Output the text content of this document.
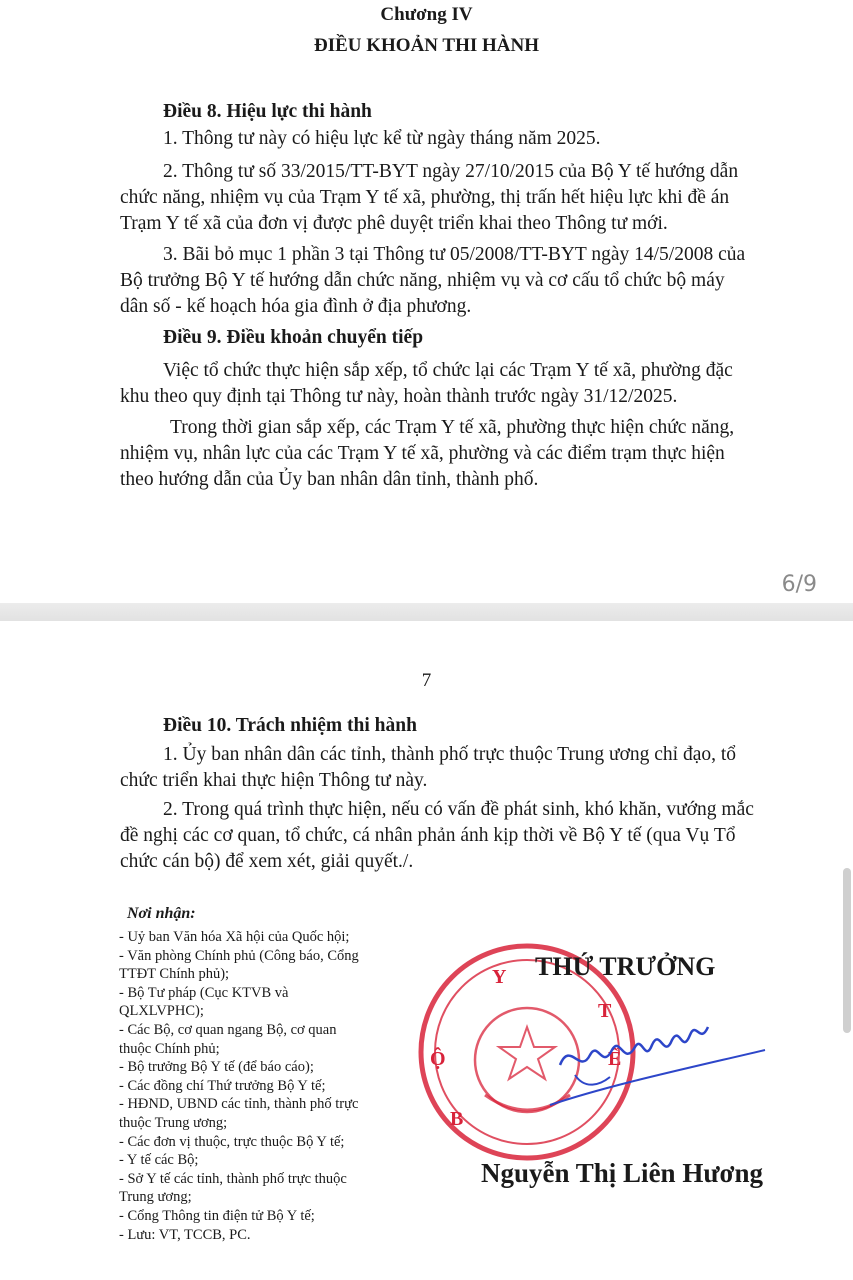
Chương IV
ĐIỀU KHOẢN THI HÀNH
Điều 8. Hiệu lực thi hành
1. Thông tư này có hiệu lực kể từ ngày tháng năm 2025.
2. Thông tư số 33/2015/TT-BYT ngày 27/10/2015 của Bộ Y tế hướng dẫn
chức năng, nhiệm vụ của Trạm Y tế xã, phường, thị trấn hết hiệu lực khi đề án
Trạm Y tế xã của đơn vị được phê duyệt triển khai theo Thông tư mới.
3. Bãi bỏ mục 1 phần 3 tại Thông tư 05/2008/TT-BYT ngày 14/5/2008 của
Bộ trưởng Bộ Y tế hướng dẫn chức năng, nhiệm vụ và cơ cấu tổ chức bộ máy
dân số - kế hoạch hóa gia đình ở địa phương.
Điều 9. Điều khoản chuyển tiếp
Việc tổ chức thực hiện sắp xếp, tổ chức lại các Trạm Y tế xã, phường đặc
khu theo quy định tại Thông tư này, hoàn thành trước ngày 31/12/2025.
Trong thời gian sắp xếp, các Trạm Y tế xã, phường thực hiện chức năng,
nhiệm vụ, nhân lực của các Trạm Y tế xã, phường và các điểm trạm thực hiện
theo hướng dẫn của Ủy ban nhân dân tỉnh, thành phố.
6/9
7
Điều 10. Trách nhiệm thi hành
1. Ủy ban nhân dân các tỉnh, thành phố trực thuộc Trung ương chỉ đạo, tổ
chức triển khai thực hiện Thông tư này.
2. Trong quá trình thực hiện, nếu có vấn đề phát sinh, khó khăn, vướng mắc
đề nghị các cơ quan, tổ chức, cá nhân phản ánh kịp thời về Bộ Y tế (qua Vụ Tổ
chức cán bộ) để xem xét, giải quyết./.
Nơi nhận:
- Uỷ ban Văn hóa Xã hội của Quốc hội;
- Văn phòng Chính phủ (Công báo, Cổng
TTĐT Chính phủ);
- Bộ Tư pháp (Cục KTVB và
QLXLVPHC);
- Các Bộ, cơ quan ngang Bộ, cơ quan
thuộc Chính phủ;
- Bộ trưởng Bộ Y tế (để báo cáo);
- Các đồng chí Thứ trưởng Bộ Y tế;
- HĐND, UBND các tỉnh, thành phố trực
thuộc Trung ương;
- Các đơn vị thuộc, trực thuộc Bộ Y tế;
- Y tế các Bộ;
- Sở Y tế các tỉnh, thành phố trực thuộc
Trung ương;
- Cổng Thông tin điện tử Bộ Y tế;
- Lưu: VT, TCCB, PC.
Y
T
Ế
Ộ
B
THỨ TRƯỞNG
Nguyễn Thị Liên Hương
